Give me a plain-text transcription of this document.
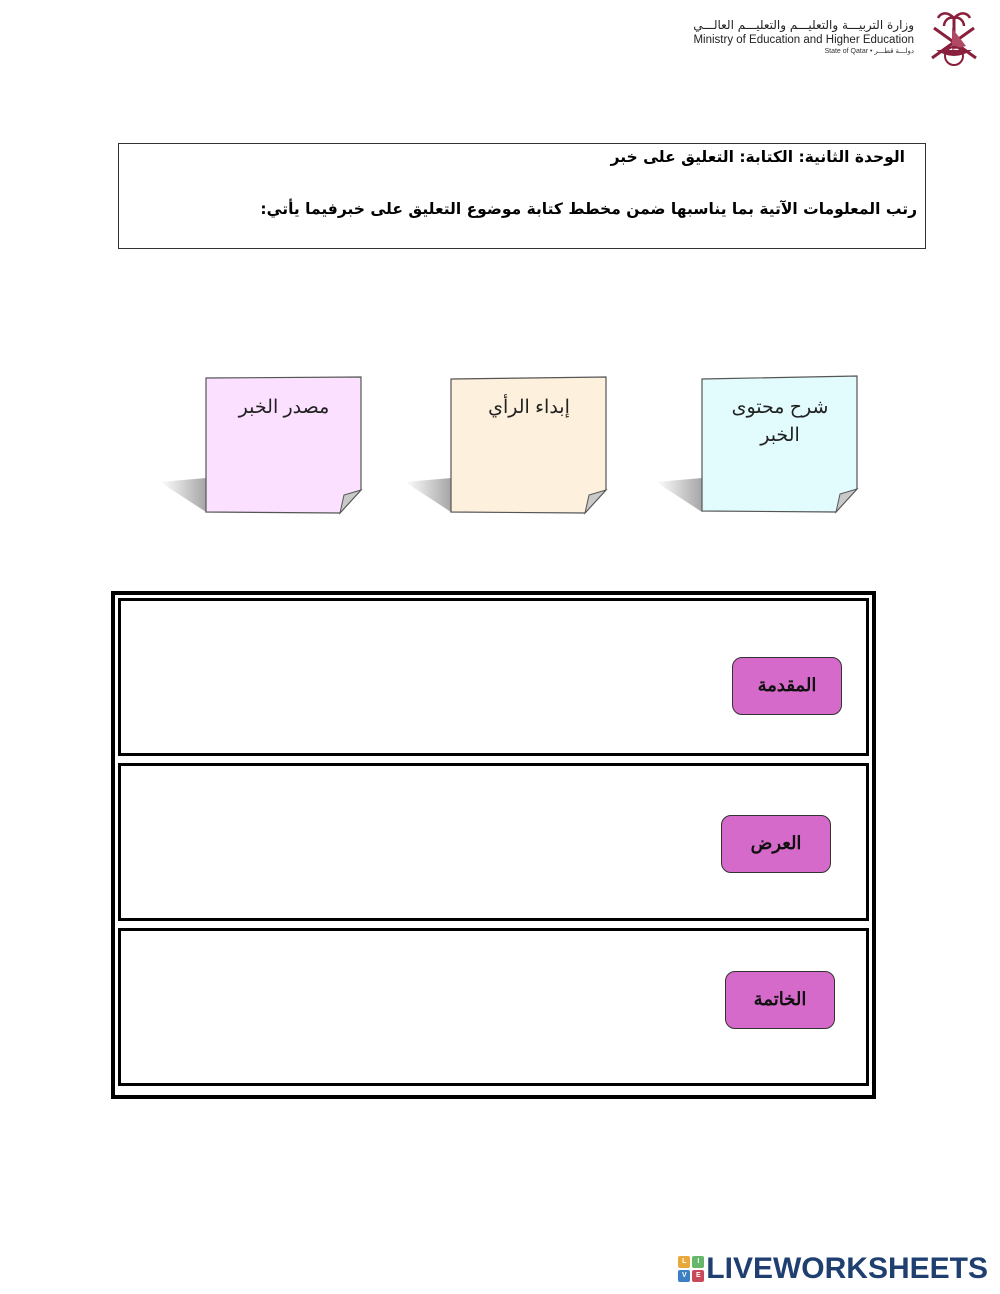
وزارة التربيـــة والتعليـــم والتعليـــم العالـــي
Ministry of Education and Higher Education
State of Qatar • دولـــة قطـــر
الوحدة الثانية: الكتابة: التعليق على خبر
رتب المعلومات الآتية بما يناسبها ضمن مخطط كتابة موضوع التعليق على خبرفيما يأتي:
مصدر الخبر	إبداء الرأي	شرح محتوى
الخبر
المقدمة
العرض
الخاتمة
L	I
V	E LIVEWORKSHEETS
